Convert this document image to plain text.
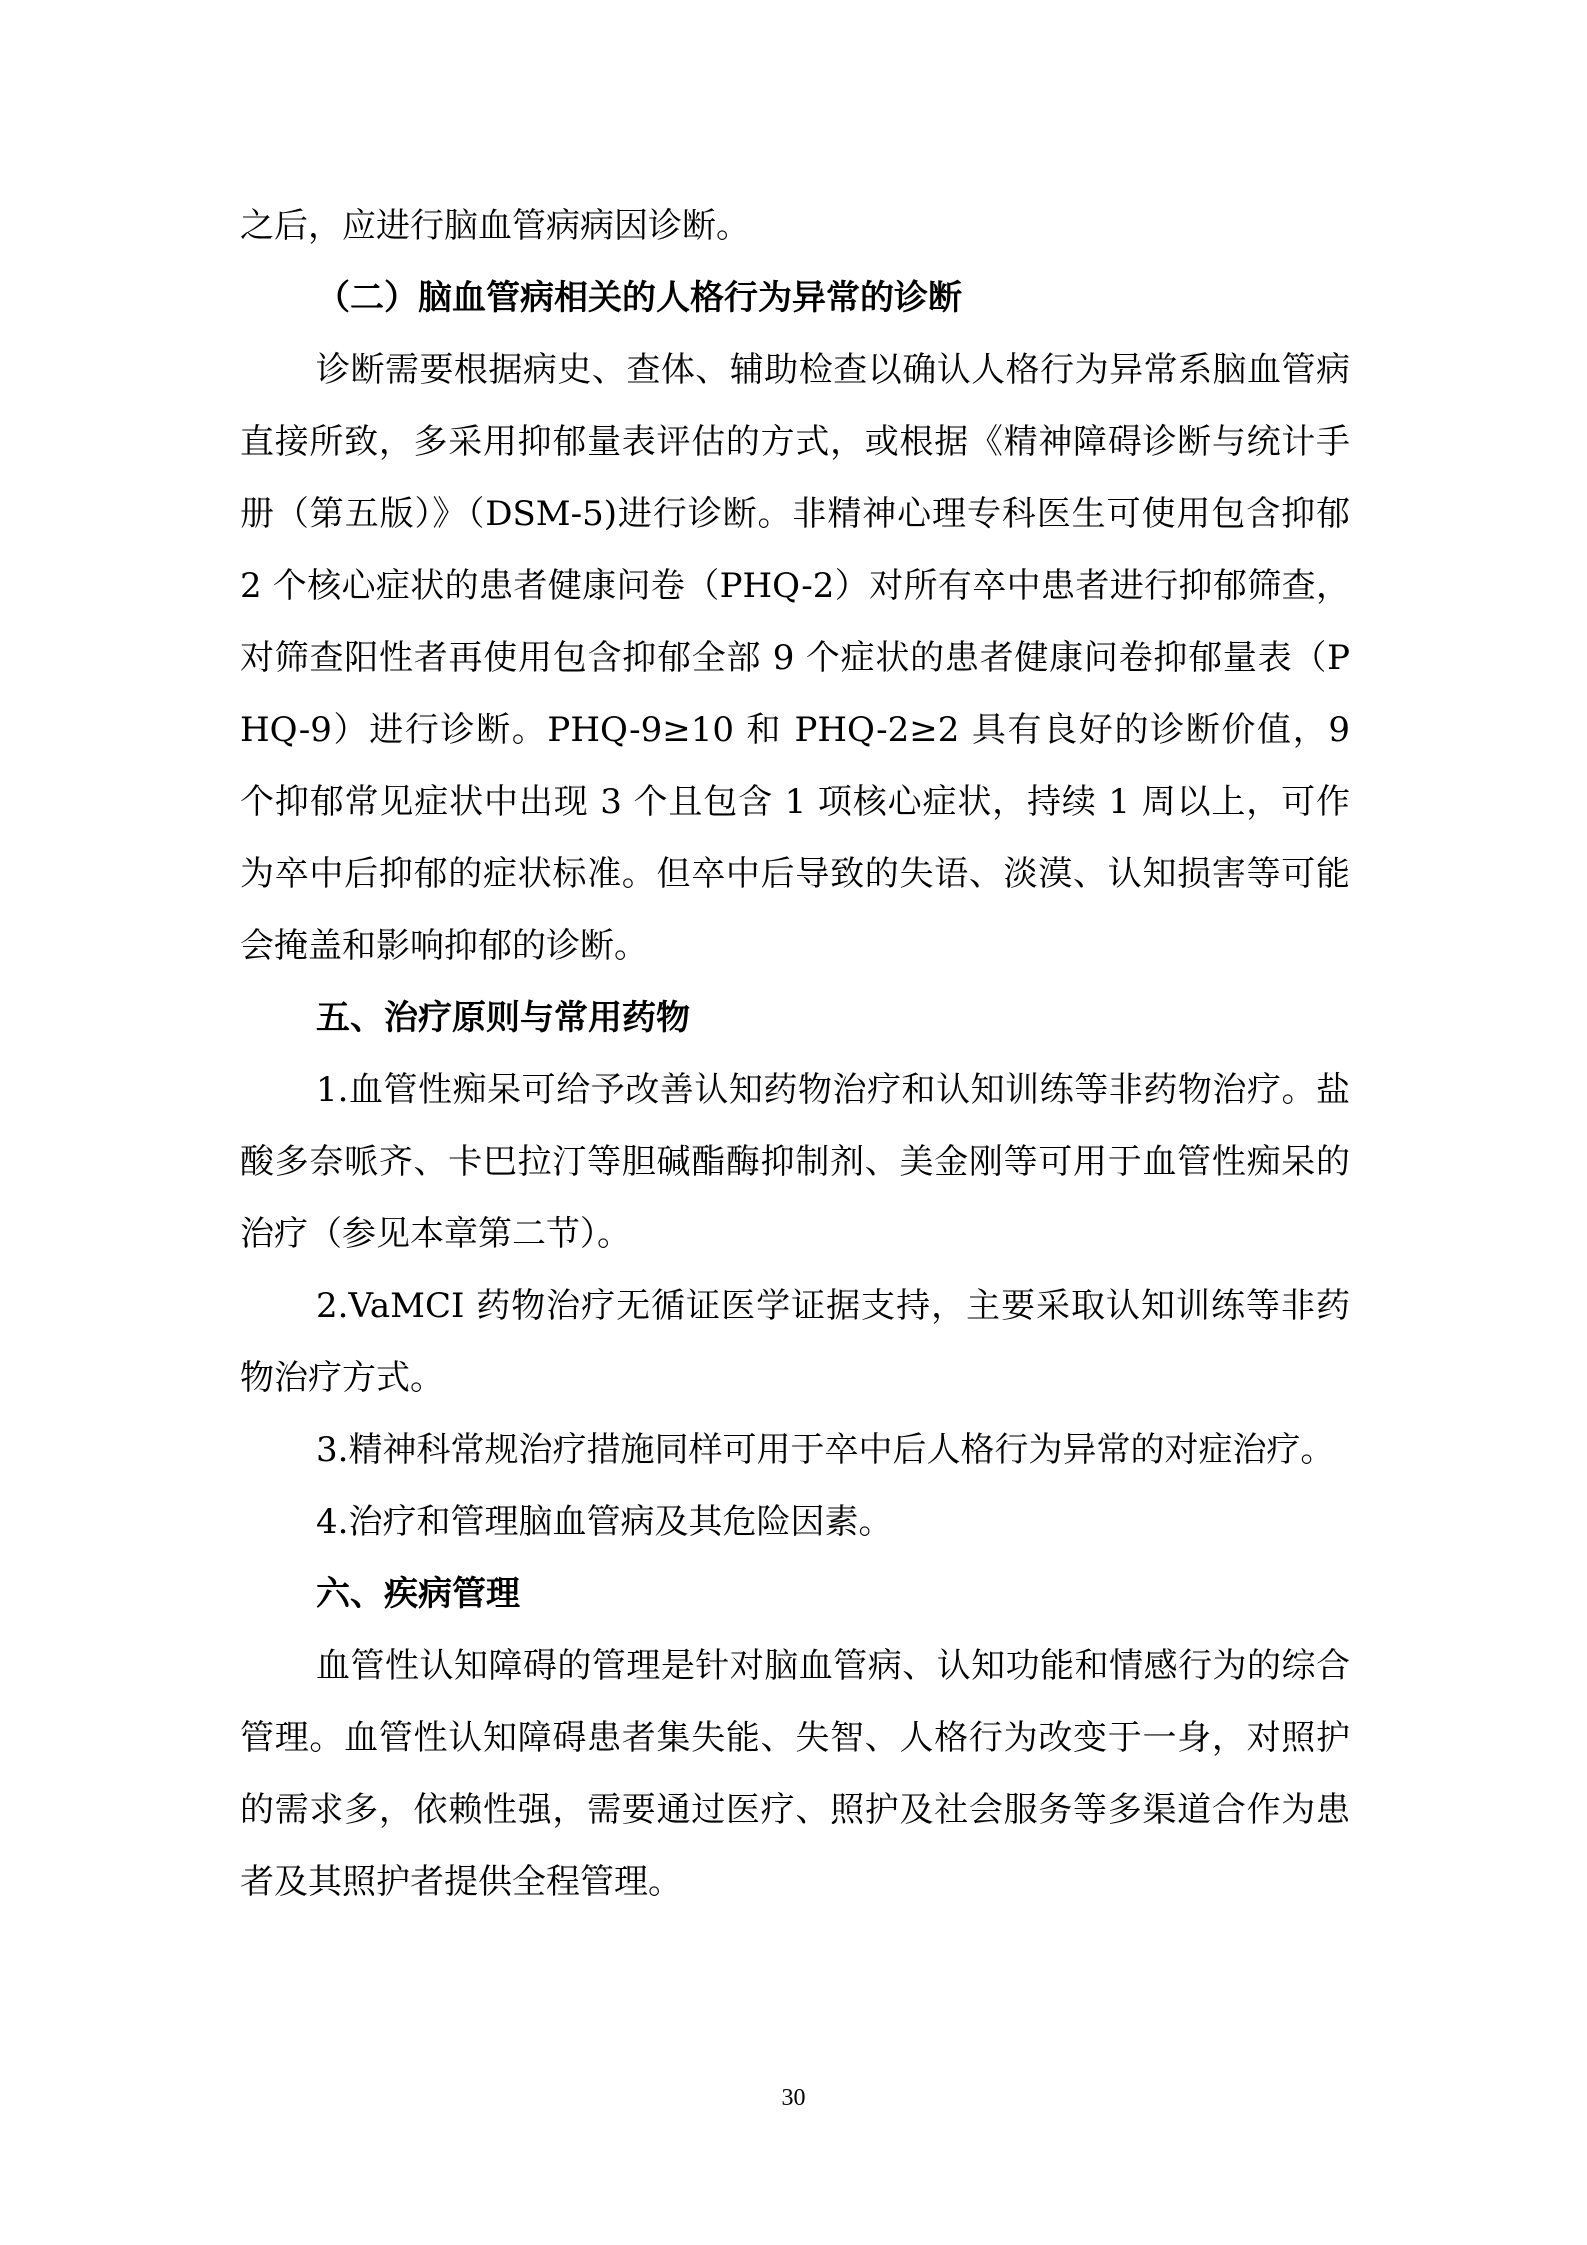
之后，应进行脑血管病病因诊断。

（二）脑血管病相关的人格行为异常的诊断

诊断需要根据病史、查体、辅助检查以确认人格行为异常系脑血管病直接所致，多采用抑郁量表评估的方式，或根据《精神障碍诊断与统计手册（第五版）》（DSM-5)进行诊断。非精神心理专科医生可使用包含抑郁 2 个核心症状的患者健康问卷（PHQ-2）对所有卒中患者进行抑郁筛查，对筛查阳性者再使用包含抑郁全部 9 个症状的患者健康问卷抑郁量表（PHQ-9）进行诊断。PHQ-9≥10 和 PHQ-2≥2 具有良好的诊断价值，9 个抑郁常见症状中出现 3 个且包含 1 项核心症状，持续 1 周以上，可作为卒中后抑郁的症状标准。但卒中后导致的失语、淡漠、认知损害等可能会掩盖和影响抑郁的诊断。

五、治疗原则与常用药物

1.血管性痴呆可给予改善认知药物治疗和认知训练等非药物治疗。盐酸多奈哌齐、卡巴拉汀等胆碱酯酶抑制剂、美金刚等可用于血管性痴呆的治疗（参见本章第二节）。

2.VaMCI 药物治疗无循证医学证据支持，主要采取认知训练等非药物治疗方式。

3.精神科常规治疗措施同样可用于卒中后人格行为异常的对症治疗。

4.治疗和管理脑血管病及其危险因素。

六、疾病管理

血管性认知障碍的管理是针对脑血管病、认知功能和情感行为的综合管理。血管性认知障碍患者集失能、失智、人格行为改变于一身，对照护的需求多，依赖性强，需要通过医疗、照护及社会服务等多渠道合作为患者及其照护者提供全程管理。

30
